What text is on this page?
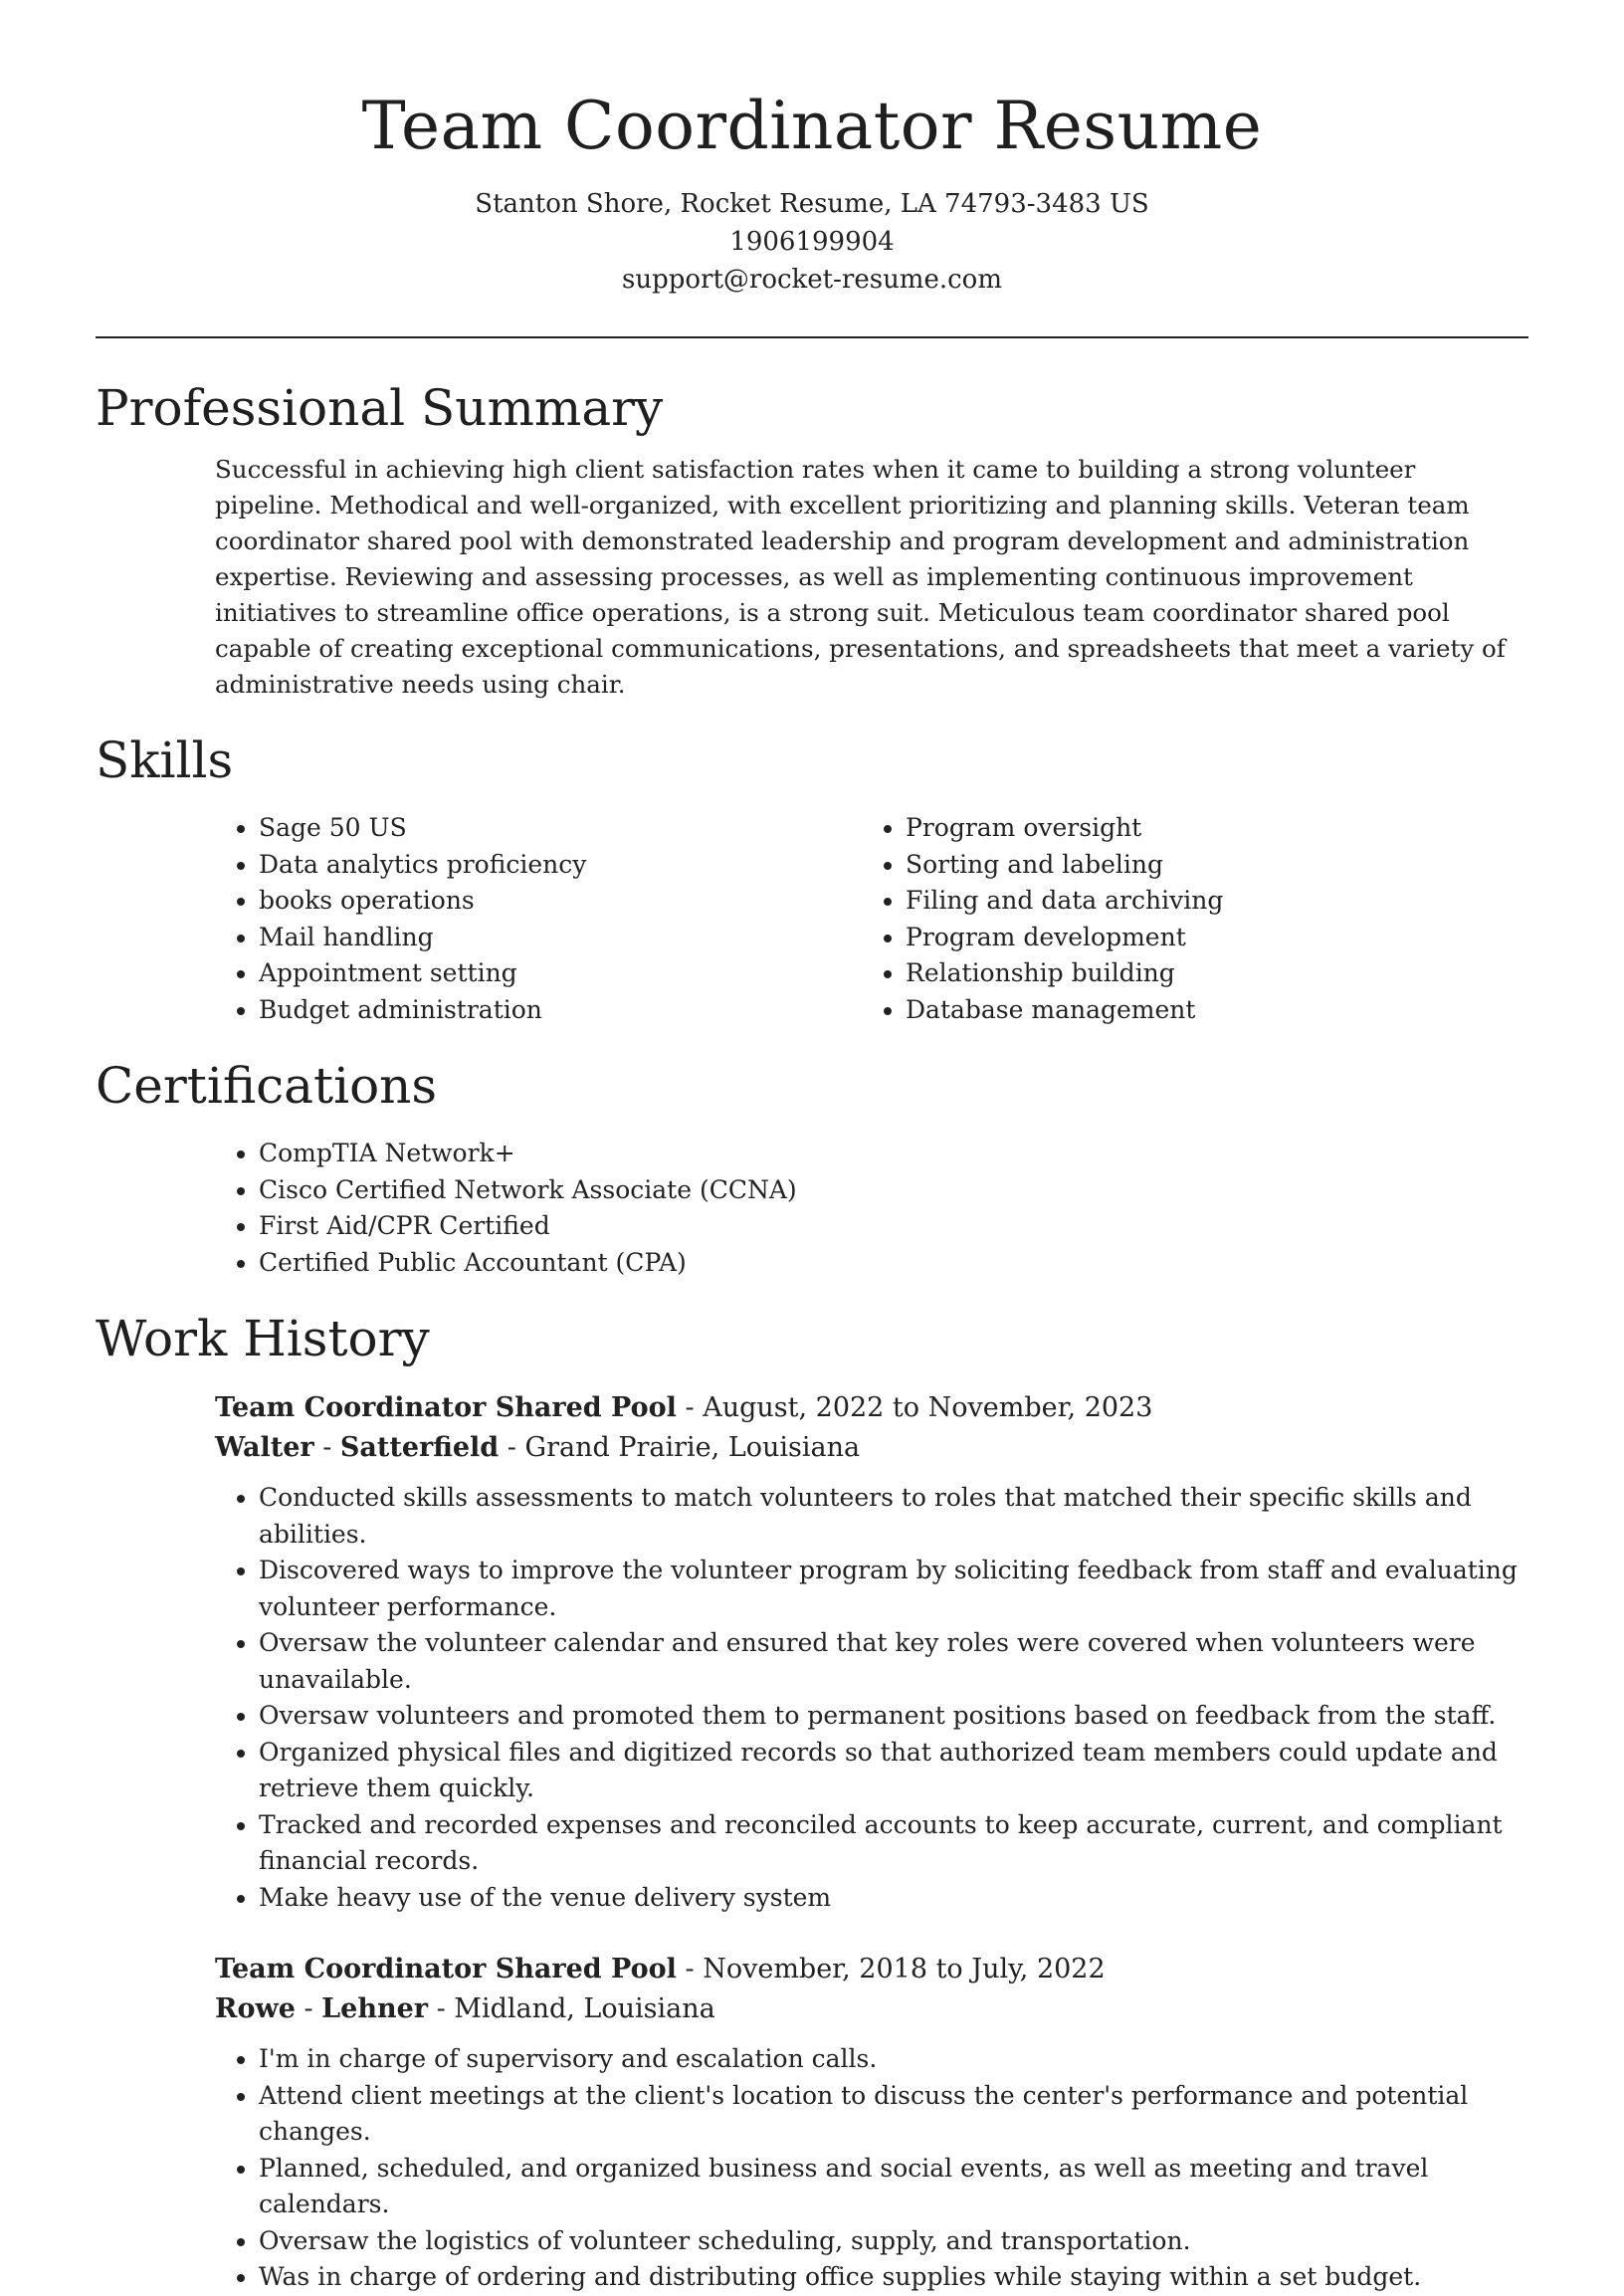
Team Coordinator Resume

Stanton Shore, Rocket Resume, LA 74793-3483 US

1906199904

support@rocket-resume.com

Professional Summary

Successful in achieving high client satisfaction rates when it came to building a strong volunteer pipeline. Methodical and well-organized, with excellent prioritizing and planning skills. Veteran team coordinator shared pool with demonstrated leadership and program development and administration expertise. Reviewing and assessing processes, as well as implementing continuous improvement initiatives to streamline office operations, is a strong suit. Meticulous team coordinator shared pool capable of creating exceptional communications, presentations, and spreadsheets that meet a variety of administrative needs using chair.

Skills
• Sage 50 US
• Data analytics proficiency
• books operations
• Mail handling
• Appointment setting
• Budget administration
• Program oversight
• Sorting and labeling
• Filing and data archiving
• Program development
• Relationship building
• Database management
Certifications
• CompTIA Network+
• Cisco Certified Network Associate (CCNA)
• First Aid/CPR Certified
• Certified Public Accountant (CPA)
Work History

Team Coordinator Shared Pool - August, 2022 to November, 2023

Walter - Satterfield - Grand Prairie, Louisiana

• Conducted skills assessments to match volunteers to roles that matched their specific skills and abilities.
• Discovered ways to improve the volunteer program by soliciting feedback from staff and evaluating volunteer performance.
• Oversaw the volunteer calendar and ensured that key roles were covered when volunteers were unavailable.
• Oversaw volunteers and promoted them to permanent positions based on feedback from the staff.
• Organized physical files and digitized records so that authorized team members could update and retrieve them quickly.
• Tracked and recorded expenses and reconciled accounts to keep accurate, current, and compliant financial records.
• Make heavy use of the venue delivery system

Team Coordinator Shared Pool - November, 2018 to July, 2022

Rowe - Lehner - Midland, Louisiana

• I'm in charge of supervisory and escalation calls.
• Attend client meetings at the client's location to discuss the center's performance and potential changes.
• Planned, scheduled, and organized business and social events, as well as meeting and travel calendars.
• Oversaw the logistics of volunteer scheduling, supply, and transportation.
• Was in charge of ordering and distributing office supplies while staying within a set budget.
